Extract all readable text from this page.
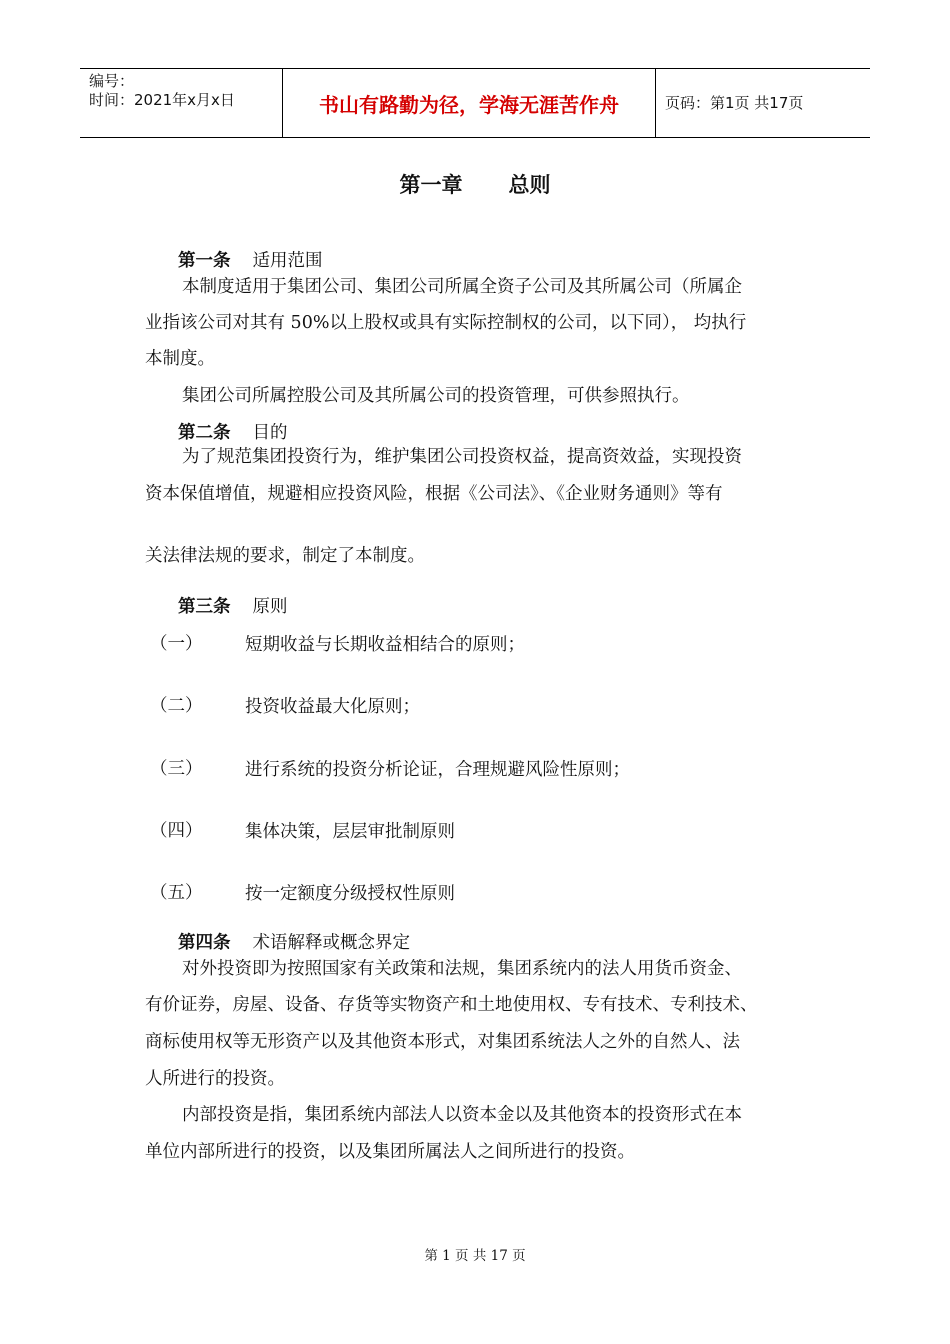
编号：
时间：2021年x月x日	书山有路勤为径，学海无涯苦作舟	页码：第1页 共17页
第一章 总则
第一条 适用范围
本制度适用于集团公司、集团公司所属全资子公司及其所属公司（所属企
业指该公司对其有 50%以上股权或具有实际控制权的公司，以下同）， 均执行
本制度。
集团公司所属控股公司及其所属公司的投资管理，可供参照执行。
第二条 目的
为了规范集团投资行为，维护集团公司投资权益，提高资效益，实现投资
资本保值增值，规避相应投资风险，根据《公司法》、《企业财务通则》等有
关法律法规的要求，制定了本制度。
第三条 原则
（一） 短期收益与长期收益相结合的原则；
（二） 投资收益最大化原则；
（三） 进行系统的投资分析论证，合理规避风险性原则；
（四） 集体决策，层层审批制原则
（五） 按一定额度分级授权性原则
第四条 术语解释或概念界定
对外投资即为按照国家有关政策和法规，集团系统内的法人用货币资金、
有价证券，房屋、设备、存货等实物资产和土地使用权、专有技术、专利技术、
商标使用权等无形资产以及其他资本形式，对集团系统法人之外的自然人、法
人所进行的投资。
内部投资是指，集团系统内部法人以资本金以及其他资本的投资形式在本
单位内部所进行的投资，以及集团所属法人之间所进行的投资。
第 1 页 共 17 页
